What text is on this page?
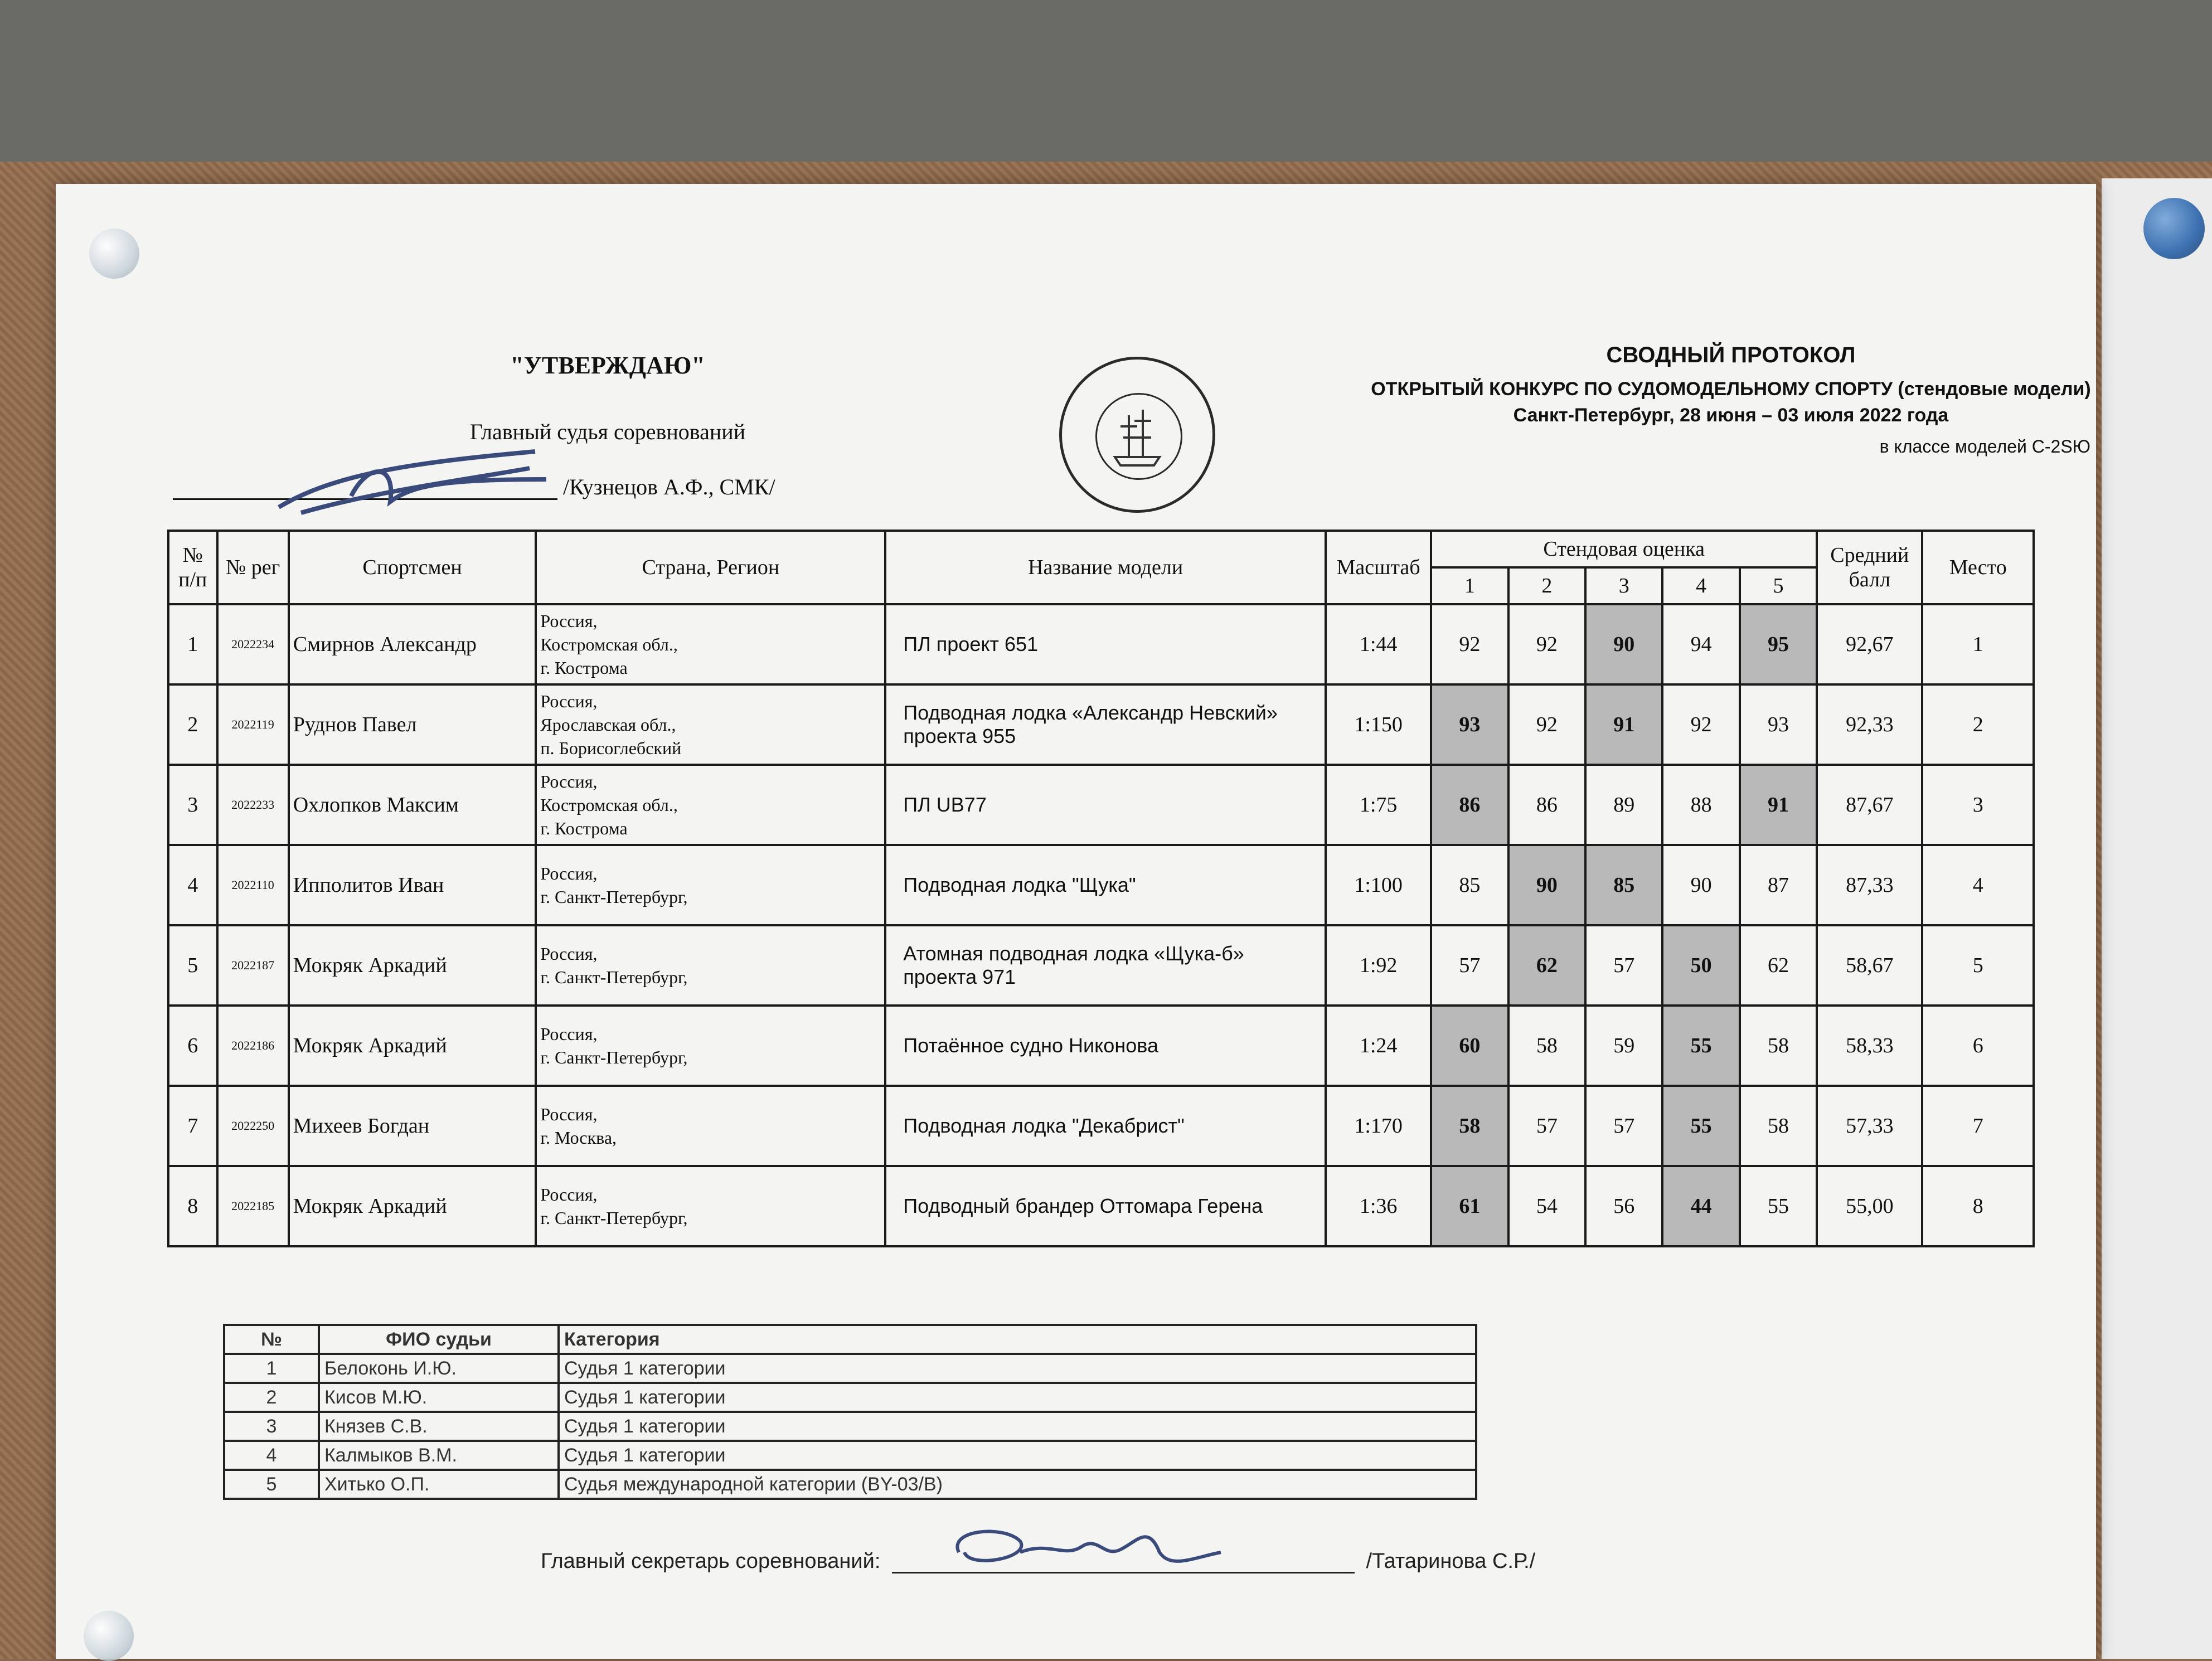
"УТВЕРЖДАЮ"
Главный судья соревнований
/Кузнецов А.Ф., СМК/
СВОДНЫЙ ПРОТОКОЛ
ОТКРЫТЫЙ КОНКУРС ПО СУДОМОДЕЛЬНОМУ СПОРТУ (стендовые модели)
Санкт-Петербург, 28 июня – 03 июля 2022 года
в классе моделей С-2SЮ
№ п/п	№ рег	Спортсмен	Страна, Регион	Название модели	Масштаб	Стендовая оценка					Средний балл	Место
						1	2	3	4	5		
1	2022234	Смирнов Александр	Россия,
Костромская обл.,
г. Кострома	ПЛ проект 651	1:44	92	92	90	94	95	92,67	1
2	2022119	Руднов Павел	Россия,
Ярославская обл.,
п. Борисоглебский	Подводная лодка «Александр Невский» проекта 955	1:150	93	92	91	92	93	92,33	2
3	2022233	Охлопков Максим	Россия,
Костромская обл.,
г. Кострома	ПЛ UB77	1:75	86	86	89	88	91	87,67	3
4	2022110	Ипполитов Иван	Россия,
г. Санкт-Петербург,	Подводная лодка "Щука"	1:100	85	90	85	90	87	87,33	4
5	2022187	Мокряк Аркадий	Россия,
г. Санкт-Петербург,	Атомная подводная лодка «Щука-б» проекта 971	1:92	57	62	57	50	62	58,67	5
6	2022186	Мокряк Аркадий	Россия,
г. Санкт-Петербург,	Потаённое судно Никонова	1:24	60	58	59	55	58	58,33	6
7	2022250	Михеев Богдан	Россия,
г. Москва,	Подводная лодка "Декабрист"	1:170	58	57	57	55	58	57,33	7
8	2022185	Мокряк Аркадий	Россия,
г. Санкт-Петербург,	Подводный брандер Оттомара Герена	1:36	61	54	56	44	55	55,00	8
№	ФИО судьи	Категория
1	Белоконь И.Ю.	Судья 1 категории
2	Кисов М.Ю.	Судья 1 категории
3	Князев С.В.	Судья 1 категории
4	Калмыков В.М.	Судья 1 категории
5	Хитько О.П.	Судья международной категории (BY-03/B)
Главный секретарь соревнований:	/Татаринова С.Р./
